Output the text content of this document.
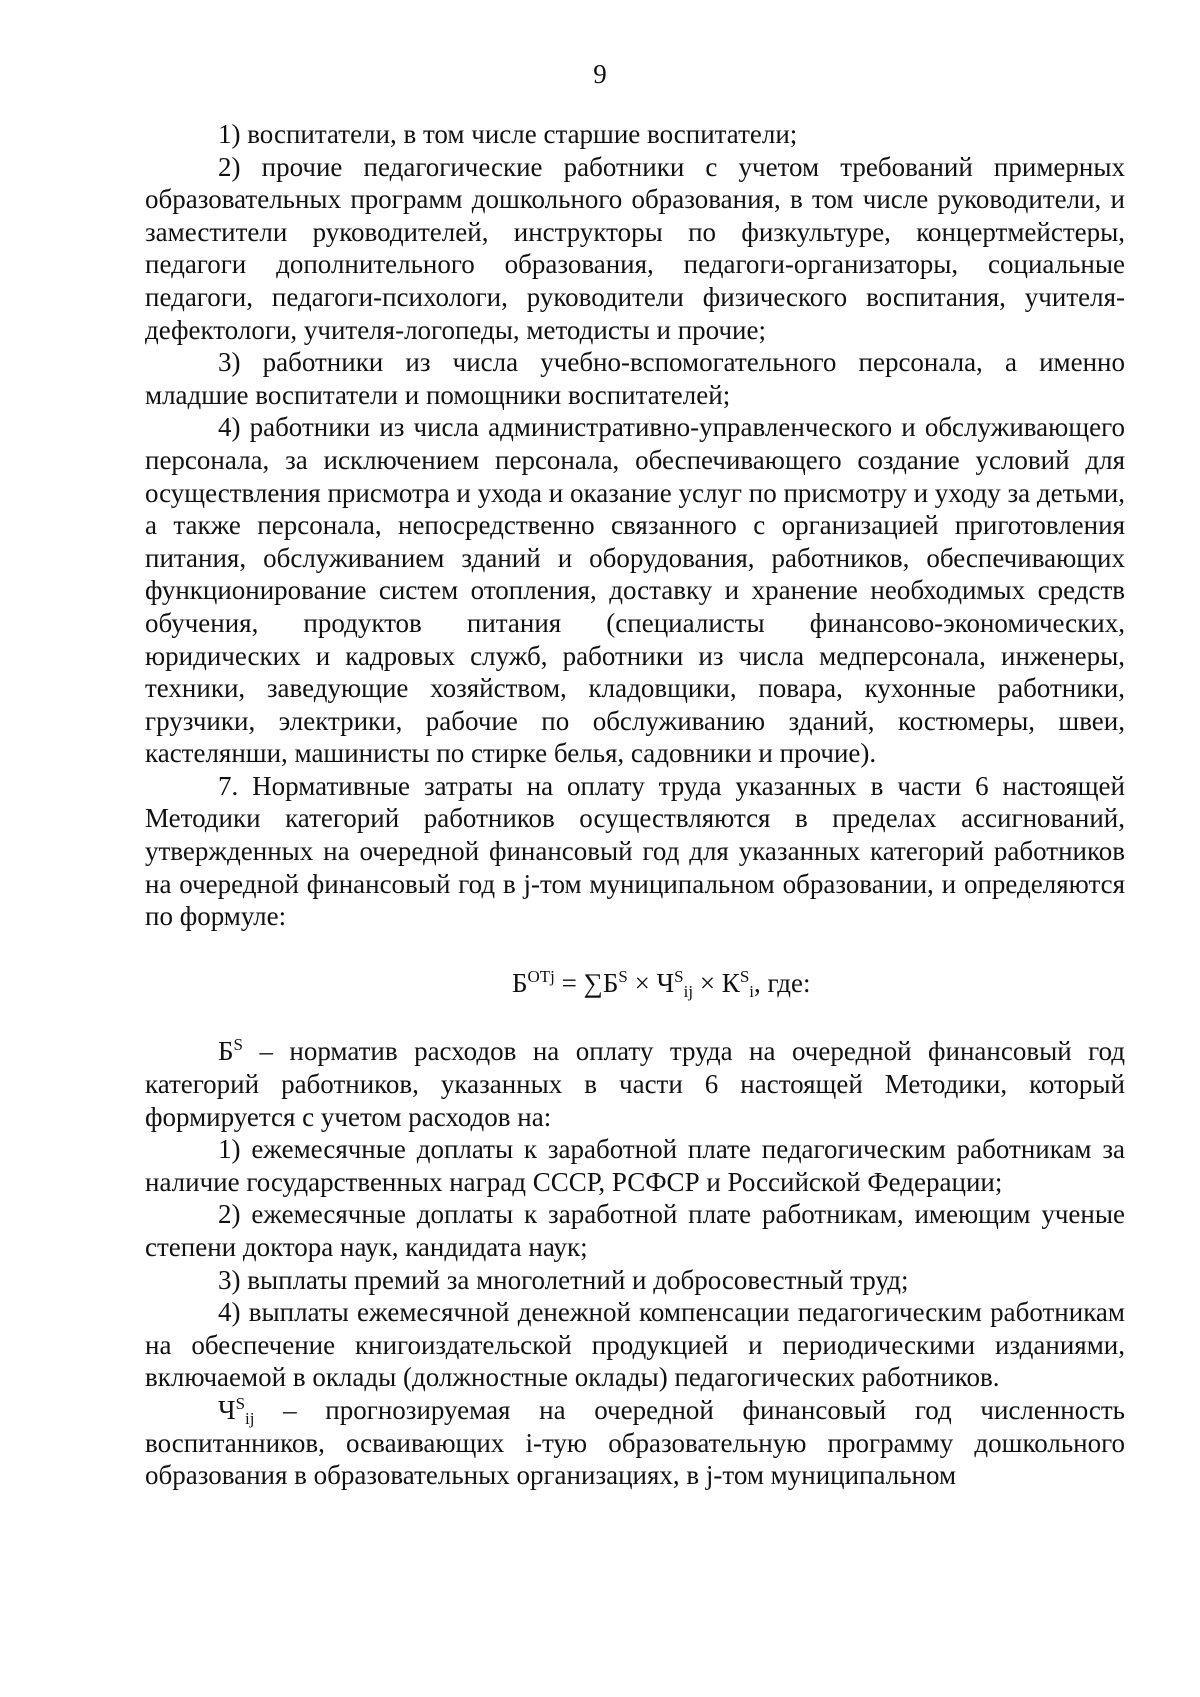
9

1) воспитатели, в том числе старшие воспитатели;

2) прочие педагогические работники с учетом требований примерных образовательных программ дошкольного образования, в том числе руководители, и заместители руководителей, инструкторы по физкультуре, концертмейстеры, педагоги дополнительного образования, педагоги-организаторы, социальные педагоги, педагоги-психологи, руководители физического воспитания, учителя-дефектологи, учителя-логопеды, методисты и прочие;

3) работники из числа учебно-вспомогательного персонала, а именно младшие воспитатели и помощники воспитателей;

4) работники из числа административно-управленческого и обслуживающего персонала, за исключением персонала, обеспечивающего создание условий для осуществления присмотра и ухода и оказание услуг по присмотру и уходу за детьми, а также персонала, непосредственно связанного с организацией приготовления питания, обслуживанием зданий и оборудования, работников, обеспечивающих функционирование систем отопления, доставку и хранение необходимых средств обучения, продуктов питания (специалисты финансово-экономических, юридических и кадровых служб, работники из числа медперсонала, инженеры, техники, заведующие хозяйством, кладовщики, повара, кухонные работники, грузчики, электрики, рабочие по обслуживанию зданий, костюмеры, швеи, кастелянши, машинисты по стирке белья, садовники и прочие).

7. Нормативные затраты на оплату труда указанных в части 6 настоящей Методики категорий работников осуществляются в пределах ассигнований, утвержденных на очередной финансовый год для указанных категорий работников на очередной финансовый год в j-том муниципальном образовании, и определяются по формуле:

$Б^{OTj} = \sum Б^S \times Ч^S_{ij} \times К^S_i$, где:

$Б^S$ – норматив расходов на оплату труда на очередной финансовый год категорий работников, указанных в части 6 настоящей Методики, который формируется с учетом расходов на:

1) ежемесячные доплаты к заработной плате педагогическим работникам за наличие государственных наград СССР, РСФСР и Российской Федерации;

2) ежемесячные доплаты к заработной плате работникам, имеющим ученые степени доктора наук, кандидата наук;

3) выплаты премий за многолетний и добросовестный труд;

4) выплаты ежемесячной денежной компенсации педагогическим работникам на обеспечение книгоиздательской продукцией и периодическими изданиями, включаемой в оклады (должностные оклады) педагогических работников.

$Ч^S_{ij}$ – прогнозируемая на очередной финансовый год численность воспитанников, осваивающих i-тую образовательную программу дошкольного образования в образовательных организациях, в j-том муниципальном
